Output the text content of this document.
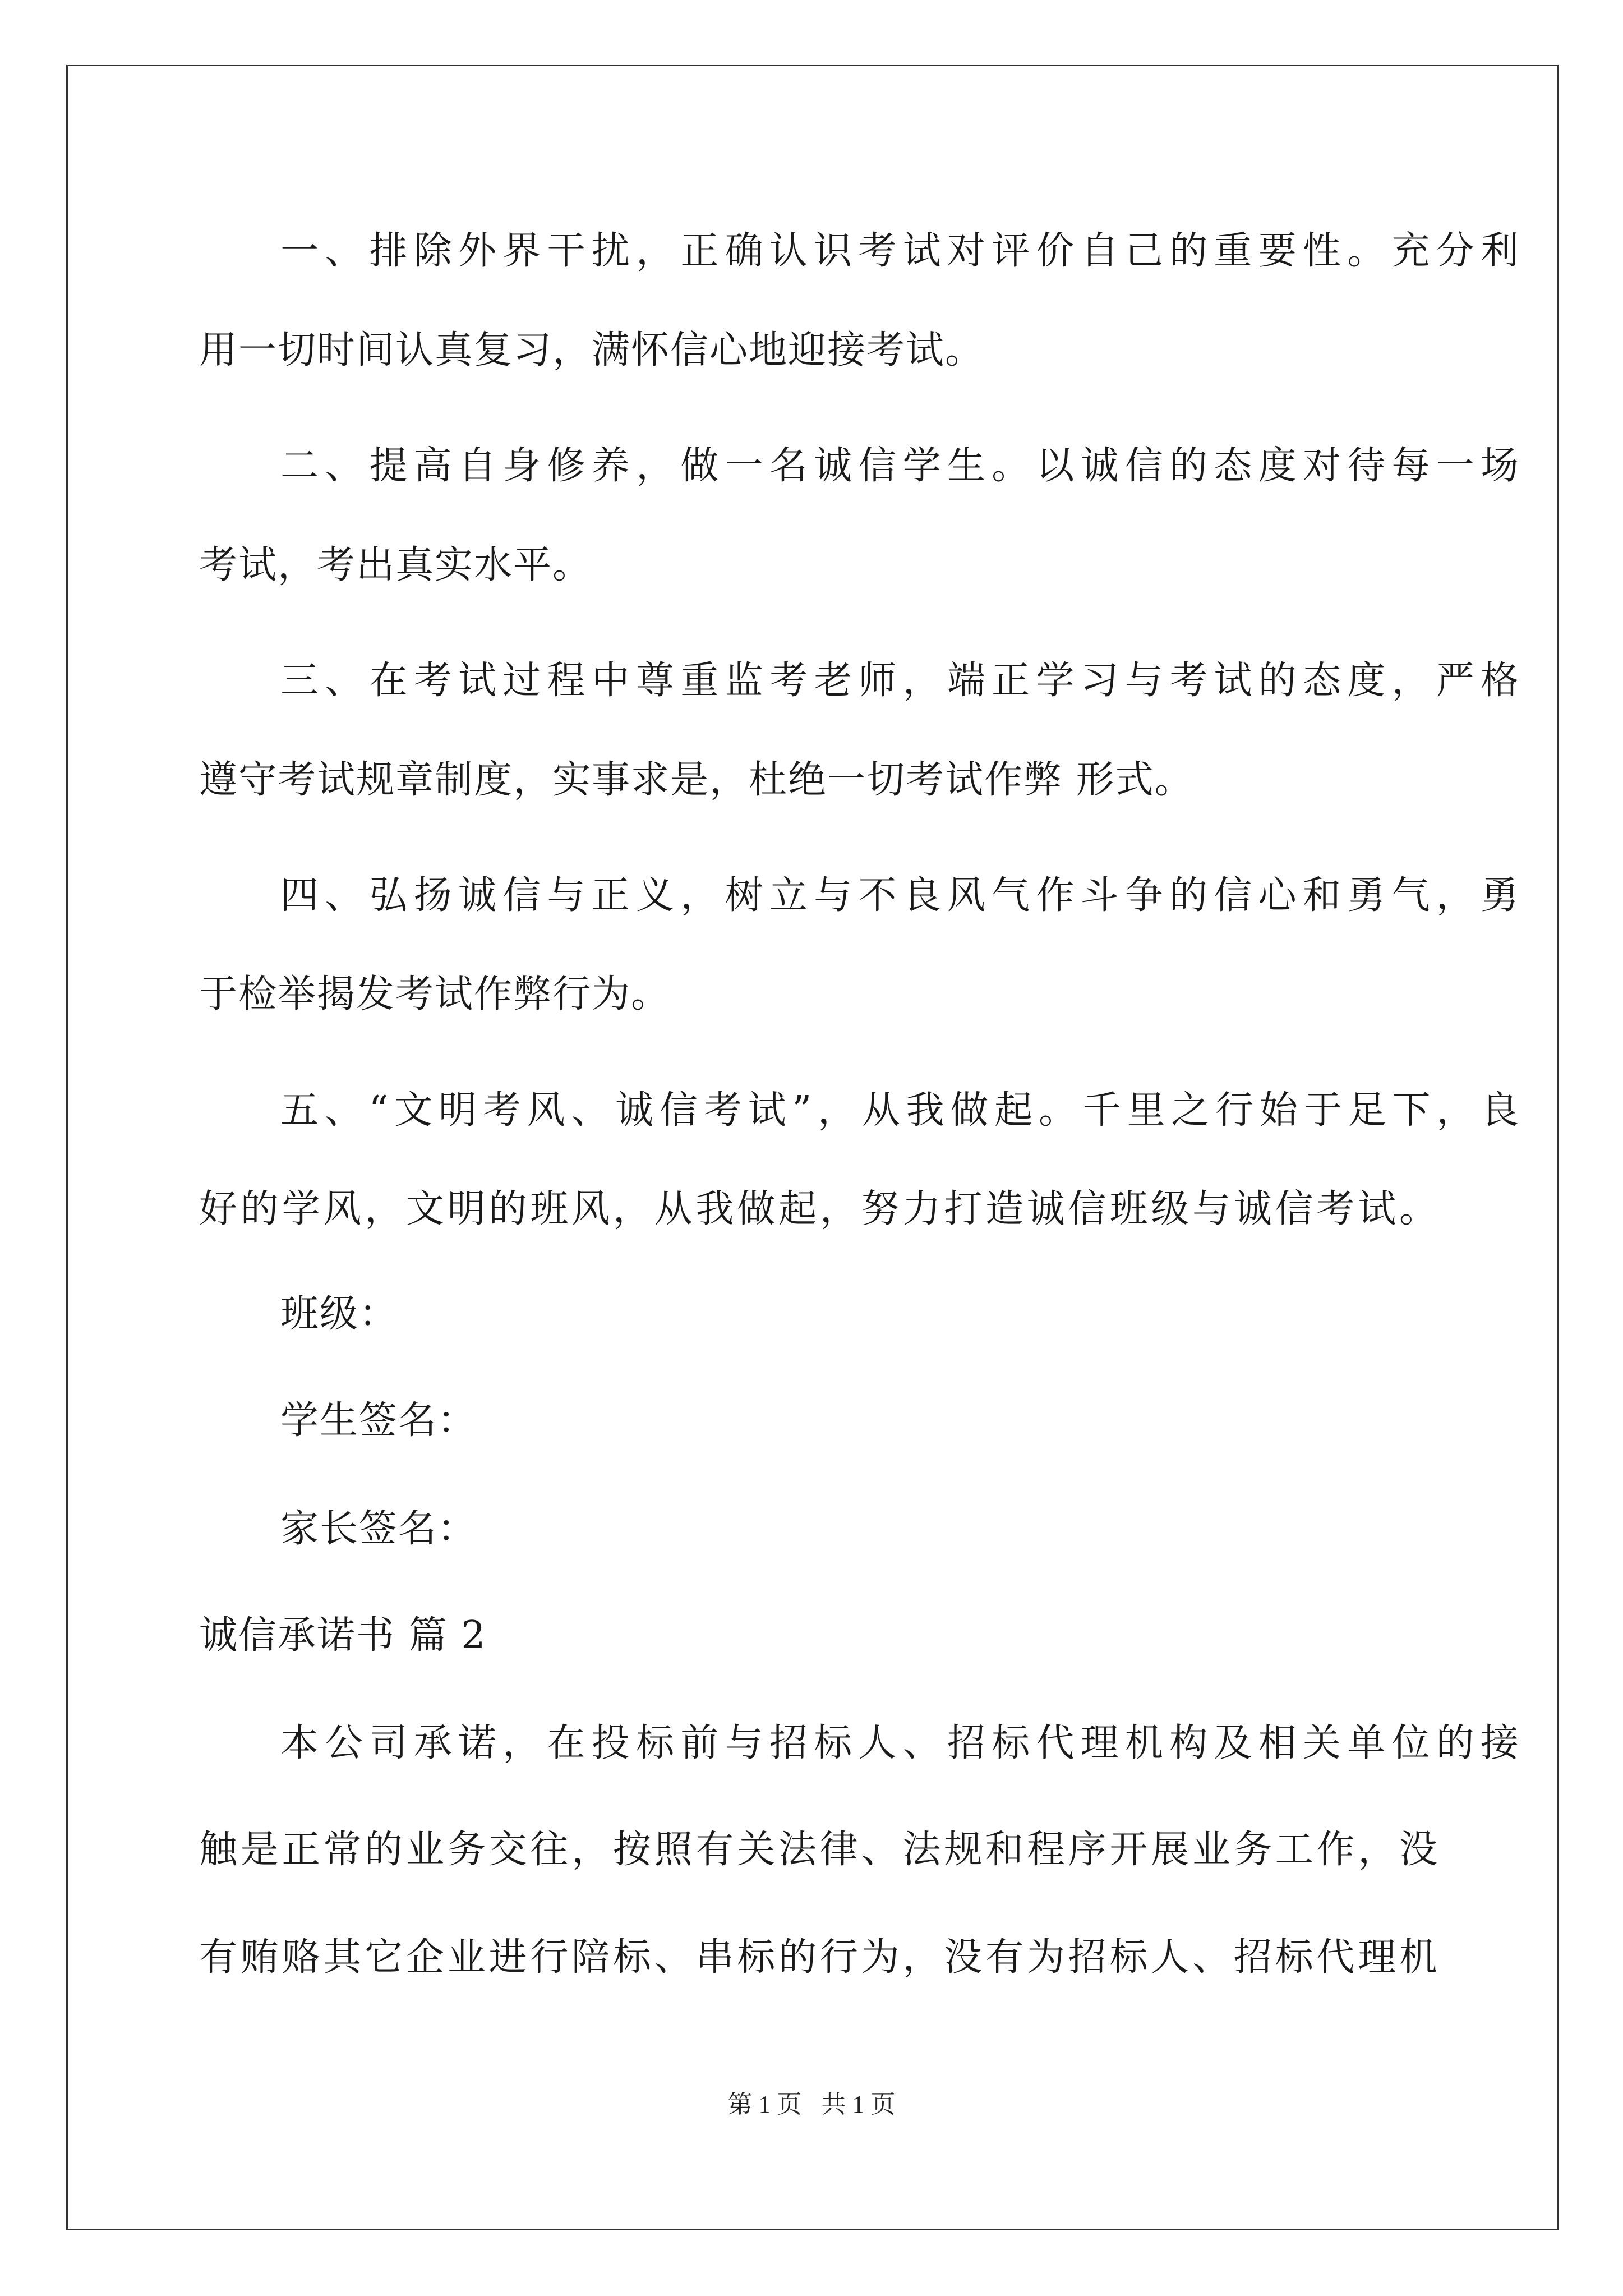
一、排除外界干扰，正确认识考试对评价自己的重要性。充分利
用一切时间认真复习，满怀信心地迎接考试。
二、提高自身修养，做一名诚信学生。以诚信的态度对待每一场
考试，考出真实水平。
三、在考试过程中尊重监考老师，端正学习与考试的态度，严格
遵守考试规章制度，实事求是，杜绝一切考试作弊 形式。
四、弘扬诚信与正义，树立与不良风气作斗争的信心和勇气，勇
于检举揭发考试作弊行为。
五、“文明考风、诚信考试”，从我做起。千里之行始于足下，良
好的学风，文明的班风，从我做起，努力打造诚信班级与诚信考试。
班级：
学生签名：
家长签名：
诚信承诺书 篇 2
本公司承诺，在投标前与招标人、招标代理机构及相关单位的接
触是正常的业务交往，按照有关法律、法规和程序开展业务工作，没
有贿赂其它企业进行陪标、串标的行为，没有为招标人、招标代理机
第 1 页 共 1 页
